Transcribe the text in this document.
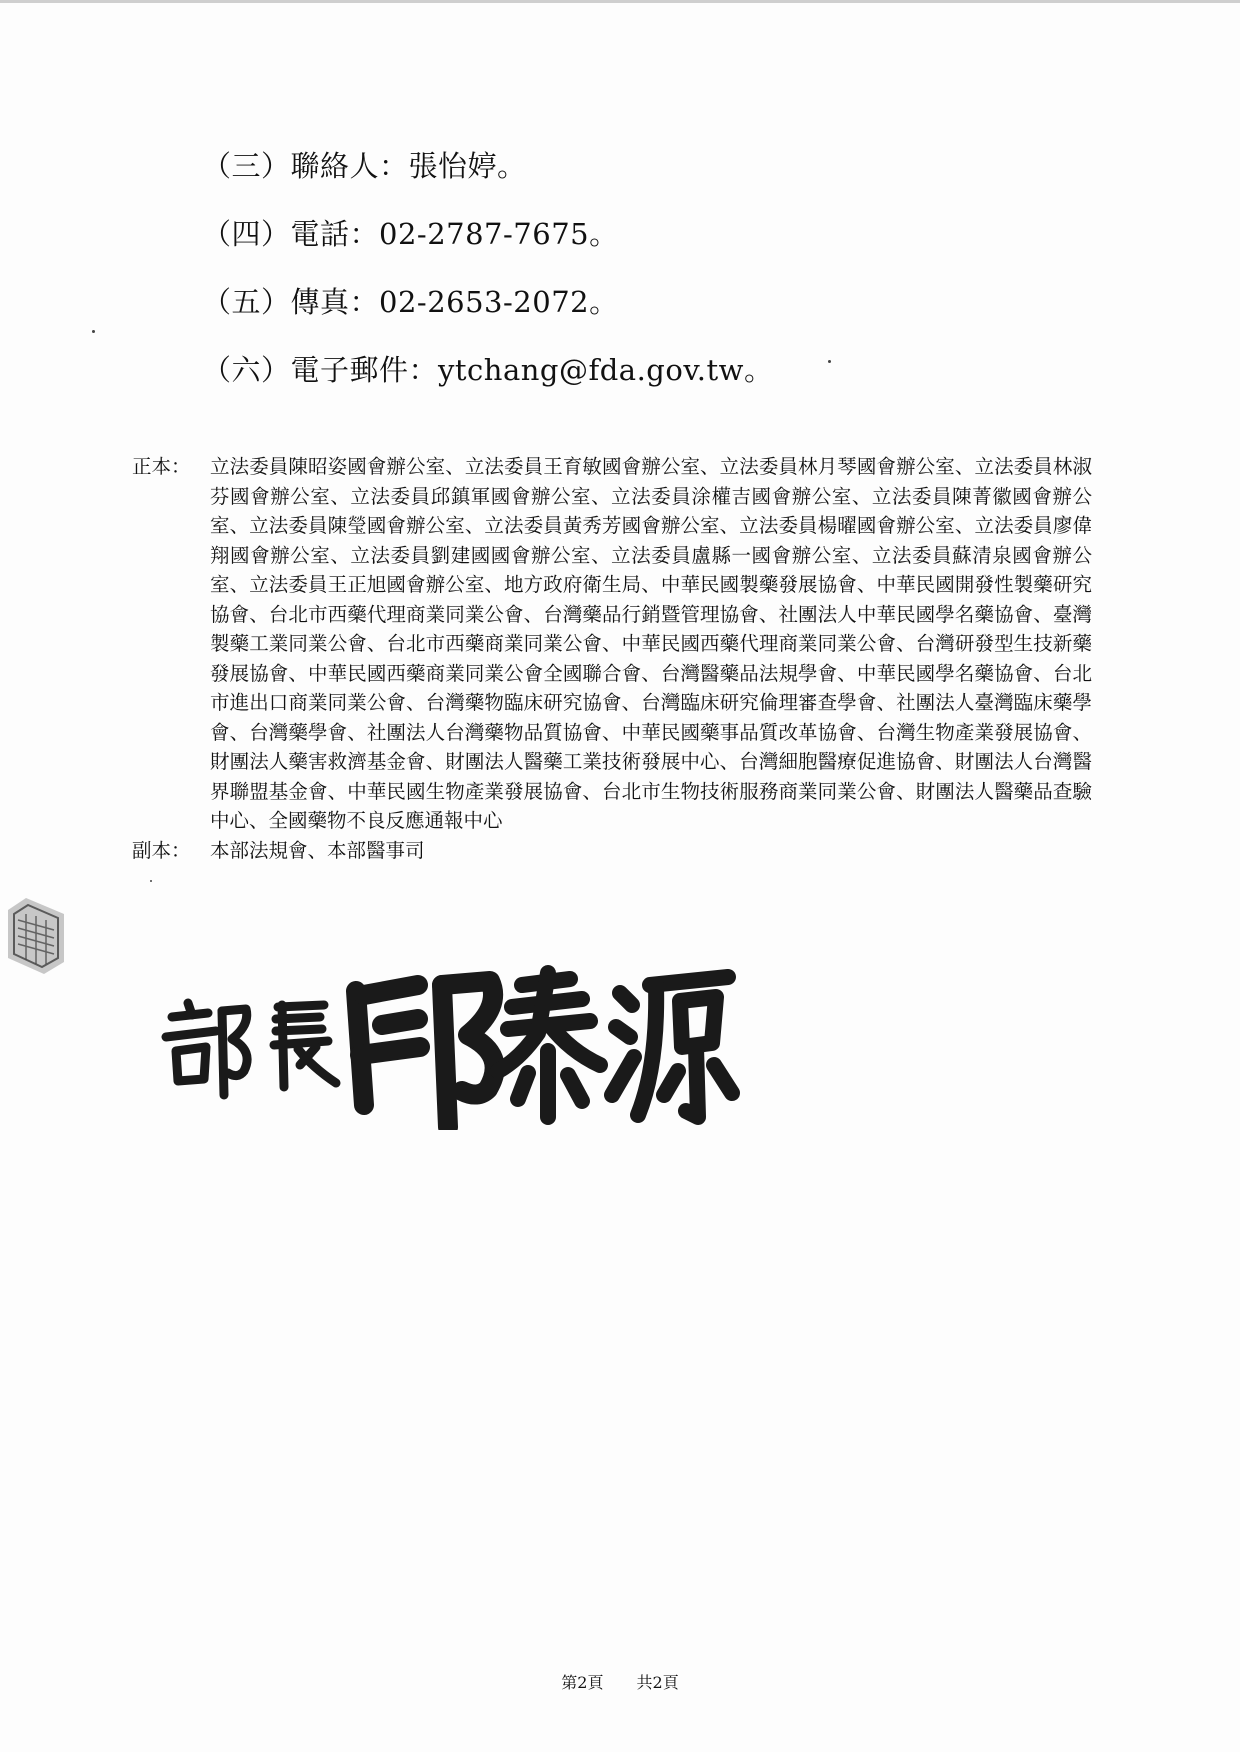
（三）聯絡人：張怡婷。
（四）電話：02-2787-7675。
（五）傳真：02-2653-2072。
（六）電子郵件：ytchang@fda.gov.tw。
正本： 立法委員陳昭姿國會辦公室、立法委員王育敏國會辦公室、立法委員林月琴國會辦公室、立法委員林淑芬國會辦公室、立法委員邱鎮軍國會辦公室、立法委員涂權吉國會辦公室、立法委員陳菁徽國會辦公室、立法委員陳瑩國會辦公室、立法委員黃秀芳國會辦公室、立法委員楊曜國會辦公室、立法委員廖偉翔國會辦公室、立法委員劉建國國會辦公室、立法委員盧縣一國會辦公室、立法委員蘇清泉國會辦公室、立法委員王正旭國會辦公室、地方政府衛生局、中華民國製藥發展協會、中華民國開發性製藥研究協會、台北市西藥代理商業同業公會、台灣藥品行銷暨管理協會、社團法人中華民國學名藥協會、臺灣製藥工業同業公會、台北市西藥商業同業公會、中華民國西藥代理商業同業公會、台灣研發型生技新藥發展協會、中華民國西藥商業同業公會全國聯合會、台灣醫藥品法規學會、中華民國學名藥協會、台北市進出口商業同業公會、台灣藥物臨床研究協會、台灣臨床研究倫理審查學會、社團法人臺灣臨床藥學會、台灣藥學會、社團法人台灣藥物品質協會、中華民國藥事品質改革協會、台灣生物產業發展協會、財團法人藥害救濟基金會、財團法人醫藥工業技術發展中心、台灣細胞醫療促進協會、財團法人台灣醫界聯盟基金會、中華民國生物產業發展協會、台北市生物技術服務商業同業公會、財團法人醫藥品查驗中心、全國藥物不良反應通報中心
副本： 本部法規會、本部醫事司
第2頁 共2頁
